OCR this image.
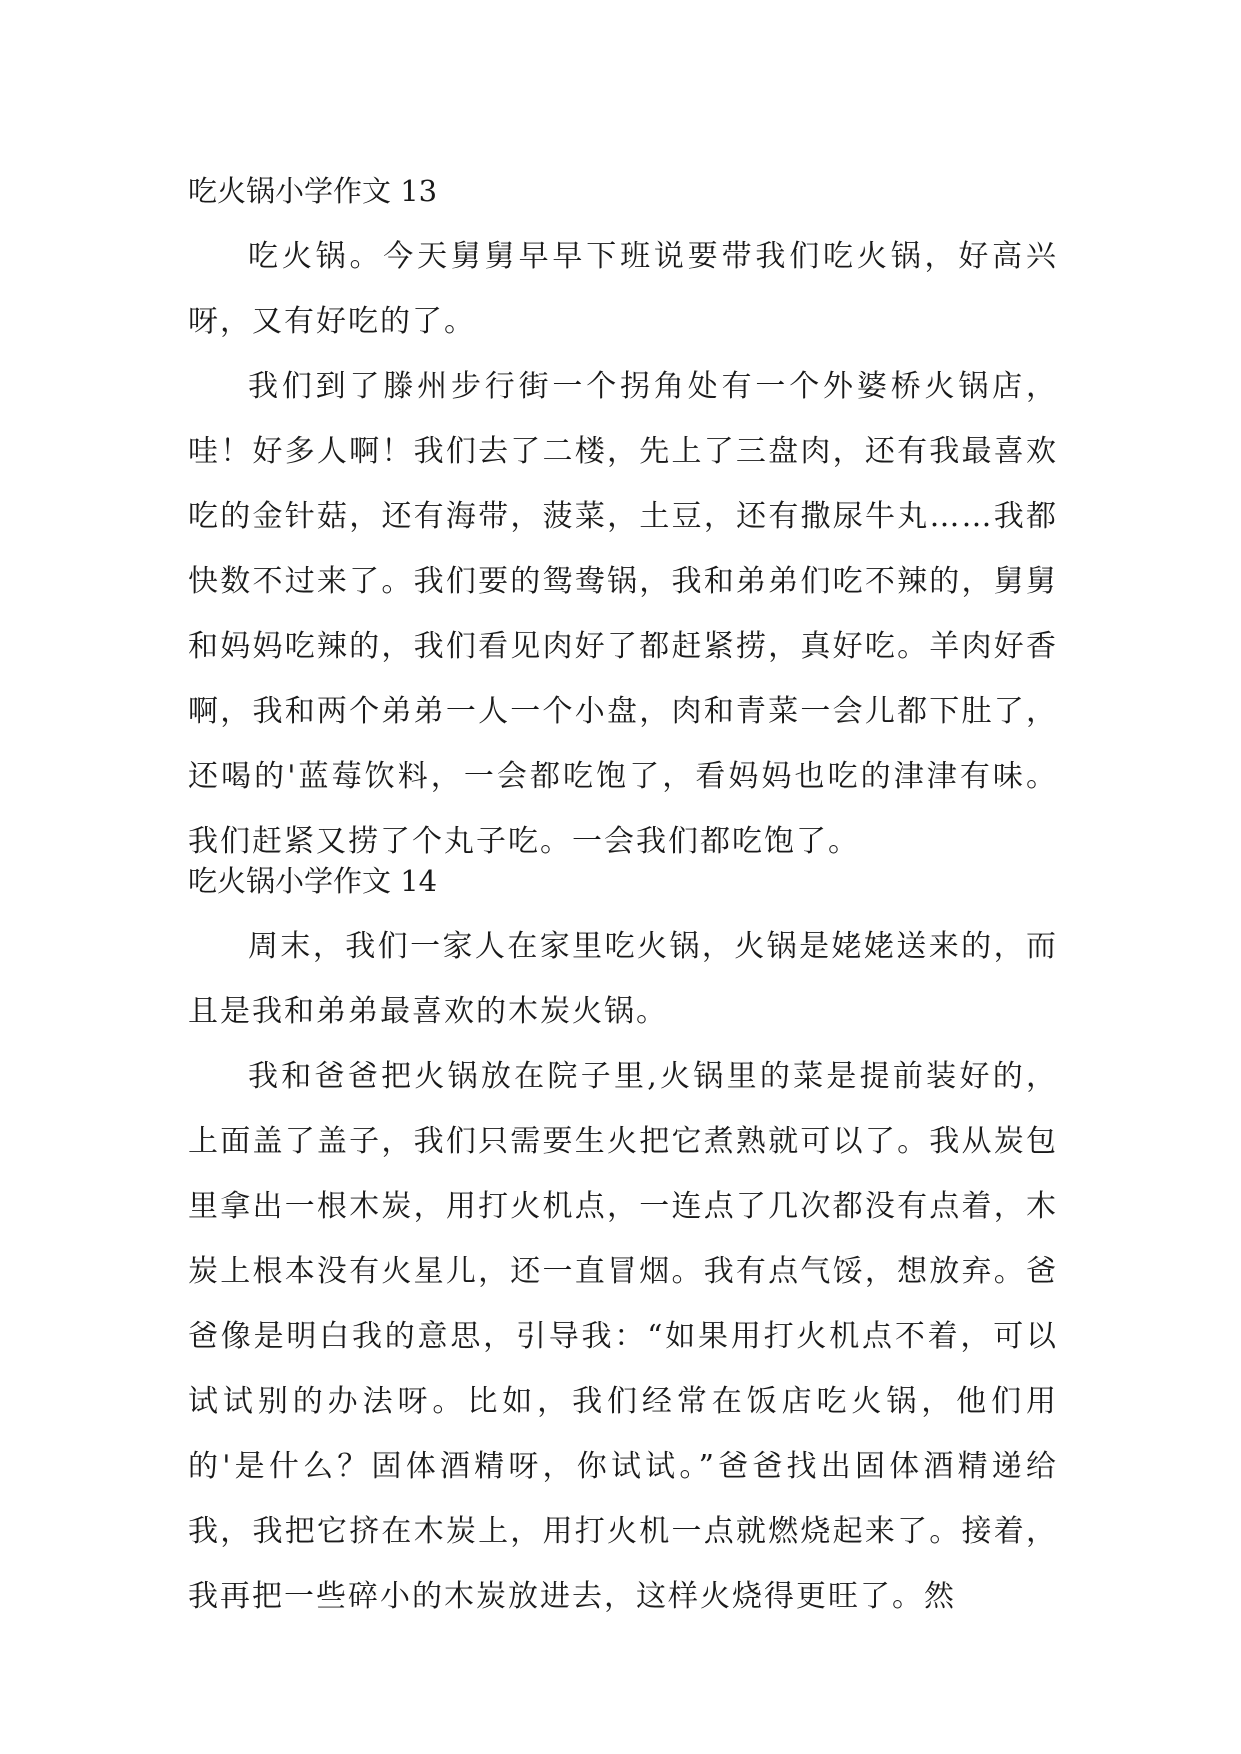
吃火锅小学作文 13

吃火锅。今天舅舅早早下班说要带我们吃火锅，好高兴呀，又有好吃的了。

我们到了滕州步行街一个拐角处有一个外婆桥火锅店，哇！好多人啊！我们去了二楼，先上了三盘肉，还有我最喜欢吃的金针菇，还有海带，菠菜，土豆，还有撒尿牛丸……我都快数不过来了。我们要的鸳鸯锅，我和弟弟们吃不辣的，舅舅和妈妈吃辣的，我们看见肉好了都赶紧捞，真好吃。羊肉好香啊，我和两个弟弟一人一个小盘，肉和青菜一会儿都下肚了，还喝的'蓝莓饮料，一会都吃饱了，看妈妈也吃的津津有味。我们赶紧又捞了个丸子吃。一会我们都吃饱了。

吃火锅小学作文 14

周末，我们一家人在家里吃火锅，火锅是姥姥送来的，而且是我和弟弟最喜欢的木炭火锅。

我和爸爸把火锅放在院子里,火锅里的菜是提前装好的，上面盖了盖子，我们只需要生火把它煮熟就可以了。我从炭包里拿出一根木炭，用打火机点，一连点了几次都没有点着，木炭上根本没有火星儿，还一直冒烟。我有点气馁，想放弃。爸爸像是明白我的意思，引导我：“如果用打火机点不着，可以试试别的办法呀。比如，我们经常在饭店吃火锅，他们用的'是什么？固体酒精呀，你试试。”爸爸找出固体酒精递给我，我把它挤在木炭上，用打火机一点就燃烧起来了。接着，我再把一些碎小的木炭放进去，这样火烧得更旺了。然
